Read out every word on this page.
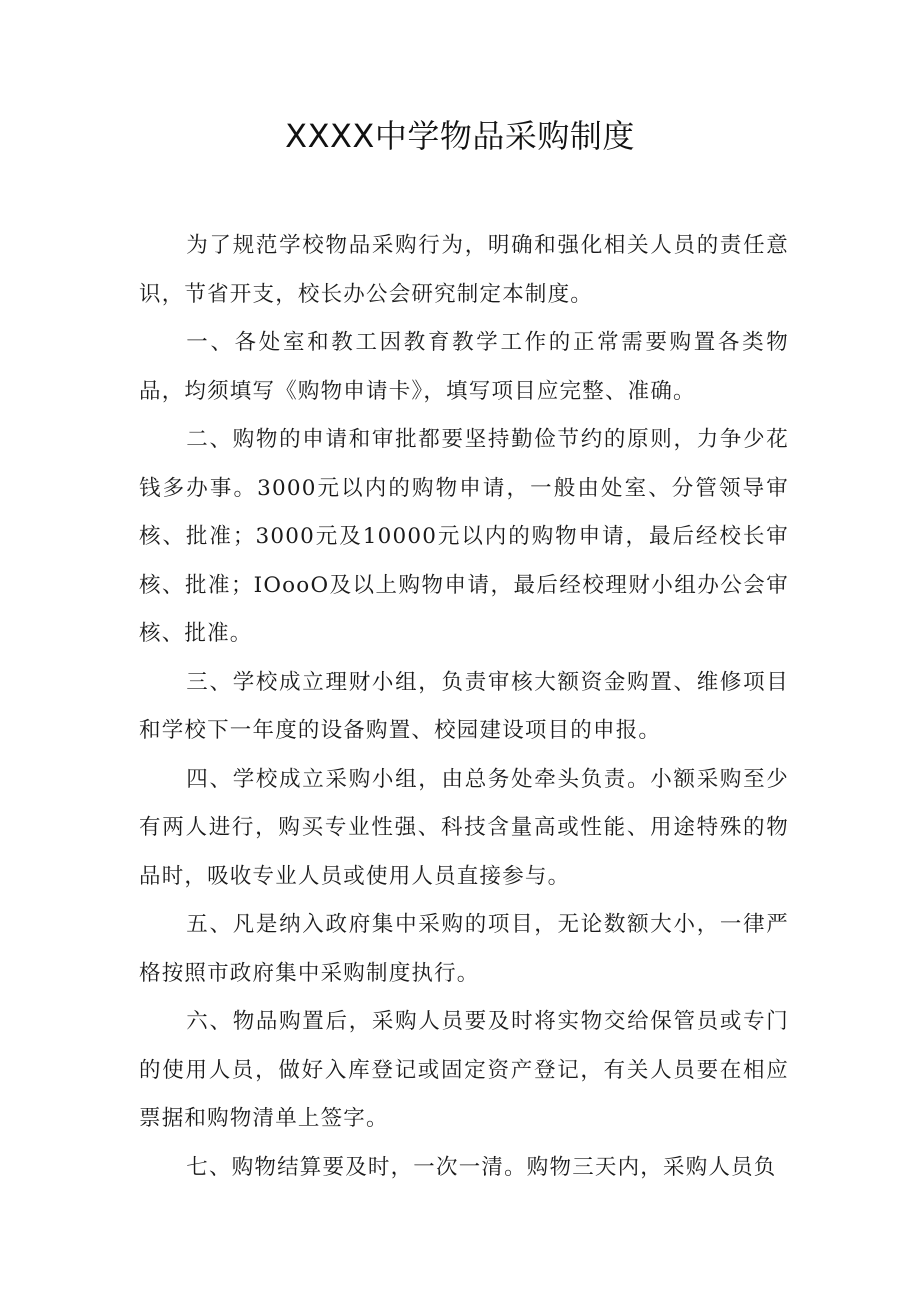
XXXX中学物品采购制度

为了规范学校物品采购行为，明确和强化相关人员的责任意识，节省开支，校长办公会研究制定本制度。

一、各处室和教工因教育教学工作的正常需要购置各类物品，均须填写《购物申请卡》，填写项目应完整、准确。

二、购物的申请和审批都要坚持勤俭节约的原则，力争少花钱多办事。3000元以内的购物申请，一般由处室、分管领导审核、批准；3000元及10000元以内的购物申请，最后经校长审核、批准；IOooO及以上购物申请，最后经校理财小组办公会审核、批准。

三、学校成立理财小组，负责审核大额资金购置、维修项目和学校下一年度的设备购置、校园建设项目的申报。

四、学校成立采购小组，由总务处牵头负责。小额采购至少有两人进行，购买专业性强、科技含量高或性能、用途特殊的物品时，吸收专业人员或使用人员直接参与。

五、凡是纳入政府集中采购的项目，无论数额大小，一律严格按照市政府集中采购制度执行。

六、物品购置后，采购人员要及时将实物交给保管员或专门的使用人员，做好入库登记或固定资产登记，有关人员要在相应票据和购物清单上签字。

七、购物结算要及时，一次一清。购物三天内，采购人员负
